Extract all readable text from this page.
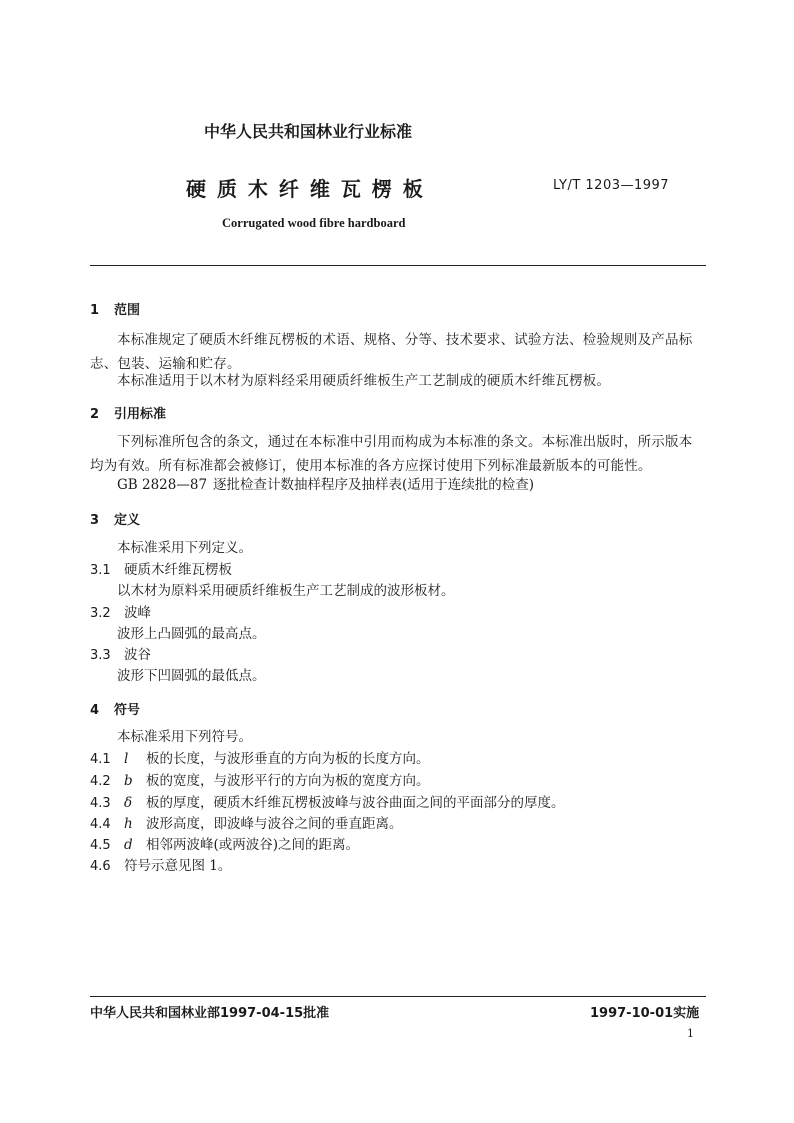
中华人民共和国林业行业标准
硬 质 木 纤 维 瓦 楞 板	LY/T 1203—1997
Corrugated wood fibre hardboard
1 范围
本标准规定了硬质木纤维瓦楞板的术语、规格、分等、技术要求、试验方法、检验规则及产品标志、包装、运输和贮存。
本标准适用于以木材为原料经采用硬质纤维板生产工艺制成的硬质木纤维瓦楞板。
2 引用标准
下列标准所包含的条文，通过在本标准中引用而构成为本标准的条文。本标准出版时，所示版本均为有效。所有标准都会被修订，使用本标准的各方应探讨使用下列标准最新版本的可能性。
GB 2828—87 逐批检查计数抽样程序及抽样表(适用于连续批的检查)
3 定义
本标准采用下列定义。
3.1 硬质木纤维瓦楞板
以木材为原料采用硬质纤维板生产工艺制成的波形板材。
3.2 波峰
波形上凸圆弧的最高点。
3.3 波谷
波形下凹圆弧的最低点。
4 符号
本标准采用下列符号。
4.1 l 板的长度，与波形垂直的方向为板的长度方向。
4.2 b 板的宽度，与波形平行的方向为板的宽度方向。
4.3 δ 板的厚度，硬质木纤维瓦楞板波峰与波谷曲面之间的平面部分的厚度。
4.4 h 波形高度，即波峰与波谷之间的垂直距离。
4.5 d 相邻两波峰(或两波谷)之间的距离。
4.6 符号示意见图 1。
中华人民共和国林业部1997-04-15批准	1997-10-01实施
1
